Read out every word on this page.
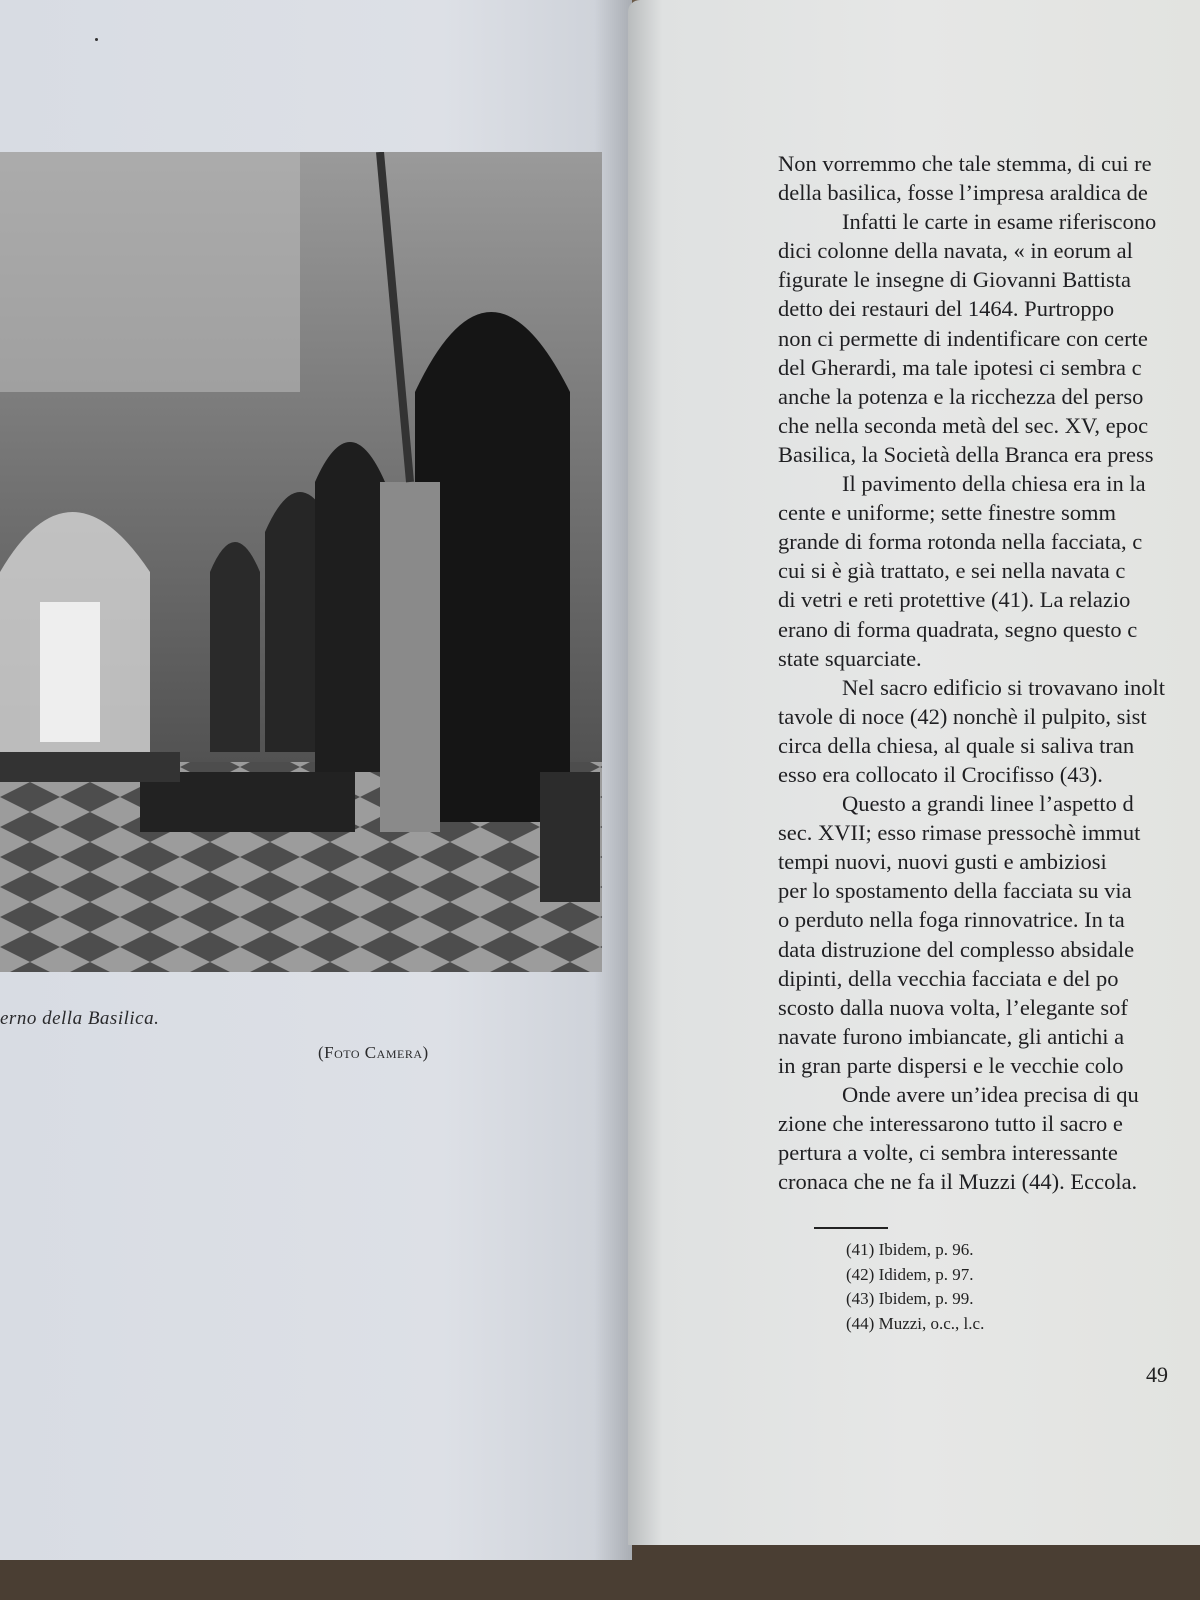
erno della Basilica.
(Foto Camera)
Non vorremmo che tale stemma, di cui re
della basilica, fosse l’impresa araldica de
Infatti le carte in esame riferiscono
dici colonne della navata, « in eorum al
figurate le insegne di Giovanni Battista
detto dei restauri del 1464. Purtroppo
non ci permette di indentificare con certe
del Gherardi, ma tale ipotesi ci sembra c
anche la potenza e la ricchezza del perso
che nella seconda metà del sec. XV, epoc
Basilica, la Società della Branca era press
Il pavimento della chiesa era in la
cente e uniforme; sette finestre somm
grande di forma rotonda nella facciata, c
cui si è già trattato, e sei nella navata c
di vetri e reti protettive (41). La relazio
erano di forma quadrata, segno questo c
state squarciate.
Nel sacro edificio si trovavano inolt
tavole di noce (42) nonchè il pulpito, sist
circa della chiesa, al quale si saliva tran
esso era collocato il Crocifisso (43).
Questo a grandi linee l’aspetto d
sec. XVII; esso rimase pressochè immut
tempi nuovi, nuovi gusti e ambiziosi
per lo spostamento della facciata su via
o perduto nella foga rinnovatrice. In ta
data distruzione del complesso absidale
dipinti, della vecchia facciata e del po
scosto dalla nuova volta, l’elegante sof
navate furono imbiancate, gli antichi a
in gran parte dispersi e le vecchie colo
Onde avere un’idea precisa di qu
zione che interessarono tutto il sacro e
pertura a volte, ci sembra interessante
cronaca che ne fa il Muzzi (44). Eccola.
(41) Ibidem, p. 96.
(42) Ididem, p. 97.
(43) Ibidem, p. 99.
(44) Muzzi, o.c., l.c.
49
